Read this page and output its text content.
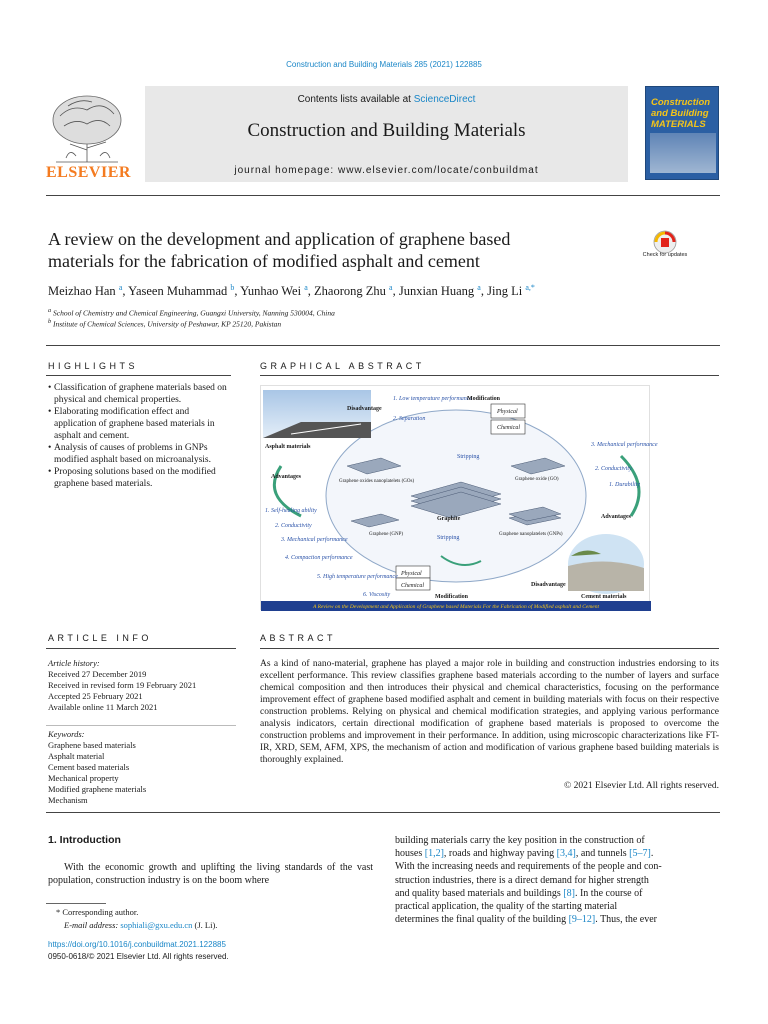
Construction and Building Materials 285 (2021) 122885
ELSEVIER
Contents lists available at ScienceDirect
Construction and Building Materials
journal homepage: www.elsevier.com/locate/conbuildmat
Construction
and Building
MATERIALS
A review on the development and application of graphene based
materials for the fabrication of modified asphalt and cement	Check for updates
Meizhao Han $^a$, Yaseen Muhammad $^b$, Yunhao Wei $^a$, Zhaorong Zhu $^a$, Junxian Huang $^a$, Jing Li $^{a,*}$
$^a$ School of Chemistry and Chemical Engineering, Guangxi University, Nanning 530004, China
$^b$ Institute of Chemical Sciences, University of Peshawar, KP 25120, Pakistan
HIGHLIGHTS
• Classification of graphene materials based on physical and chemical properties.
• Elaborating modification effect and application of graphene based materials in asphalt and cement.
• Analysis of causes of problems in GNPs modified asphalt based on microanalysis.
• Proposing solutions based on the modified graphene based materials.
GRAPHICAL ABSTRACT
Disadvantage
1. Low temperature performance
2. Separation
Modification
Physical
Chemical
Asphalt materials	3. Mechanical performance
2. Conductivity
1. Durability
Advantages
Advantages
Stripping
Stripping
Graphene oxides nanoplatelets (GOs)	Graphene oxide (GO)
Graphite
Graphene (GNP)	Graphene nanoplatelets (GNPs)
1. Self-healing ability
2. Conductivity
3. Mechanical performance
4. Compaction performance
5. High temperature performance
6. Viscosity
Physical
Chemical
Modification
Disadvantage
Cement materials
A Review on the Development and Application of Graphene based Materials For the Fabrication of Modified asphalt and Cement
ARTICLE INFO
Article history:
Received 27 December 2019
Received in revised form 19 February 2021
Accepted 25 February 2021
Available online 11 March 2021
Keywords:
Graphene based materials
Asphalt material
Cement based materials
Mechanical property
Modified graphene materials
Mechanism
ABSTRACT
As a kind of nano-material, graphene has played a major role in building and construction industries endorsing to its excellent performance. This review classifies graphene based materials according to the number of layers and surface chemical composition and then introduces their physical and chemical characteristics, focusing on the performance improvement effect of graphene based modified asphalt and cement in building materials with focus on their respective construction problems. Relying on physical and chemical modification strategies, and applying various performance analysis indicators, certain directional modification of graphene based materials is proposed to overcome the construction problems and improvement in their performance. In addition, using microscopic characterizations like FT-IR, XRD, SEM, AFM, XPS, the mechanism of action and modification of various graphene based building materials is thoroughly explained.
© 2021 Elsevier Ltd. All rights reserved.
1. Introduction
With the economic growth and uplifting the living standards of the vast population, construction industry is on the boom where
building materials carry the key position in the construction of
houses [1,2], roads and highway paving [3,4], and tunnels [5–7].
With the increasing needs and requirements of the people and con-
struction industries, there is a direct demand for higher strength
and quality based materials and buildings [8]. In the course of
practical application, the quality of the starting material
determines the final quality of the building [9–12]. Thus, the ever
* Corresponding author.
E-mail address: sophiali@gxu.edu.cn (J. Li).
https://doi.org/10.1016/j.conbuildmat.2021.122885
0950-0618/© 2021 Elsevier Ltd. All rights reserved.
